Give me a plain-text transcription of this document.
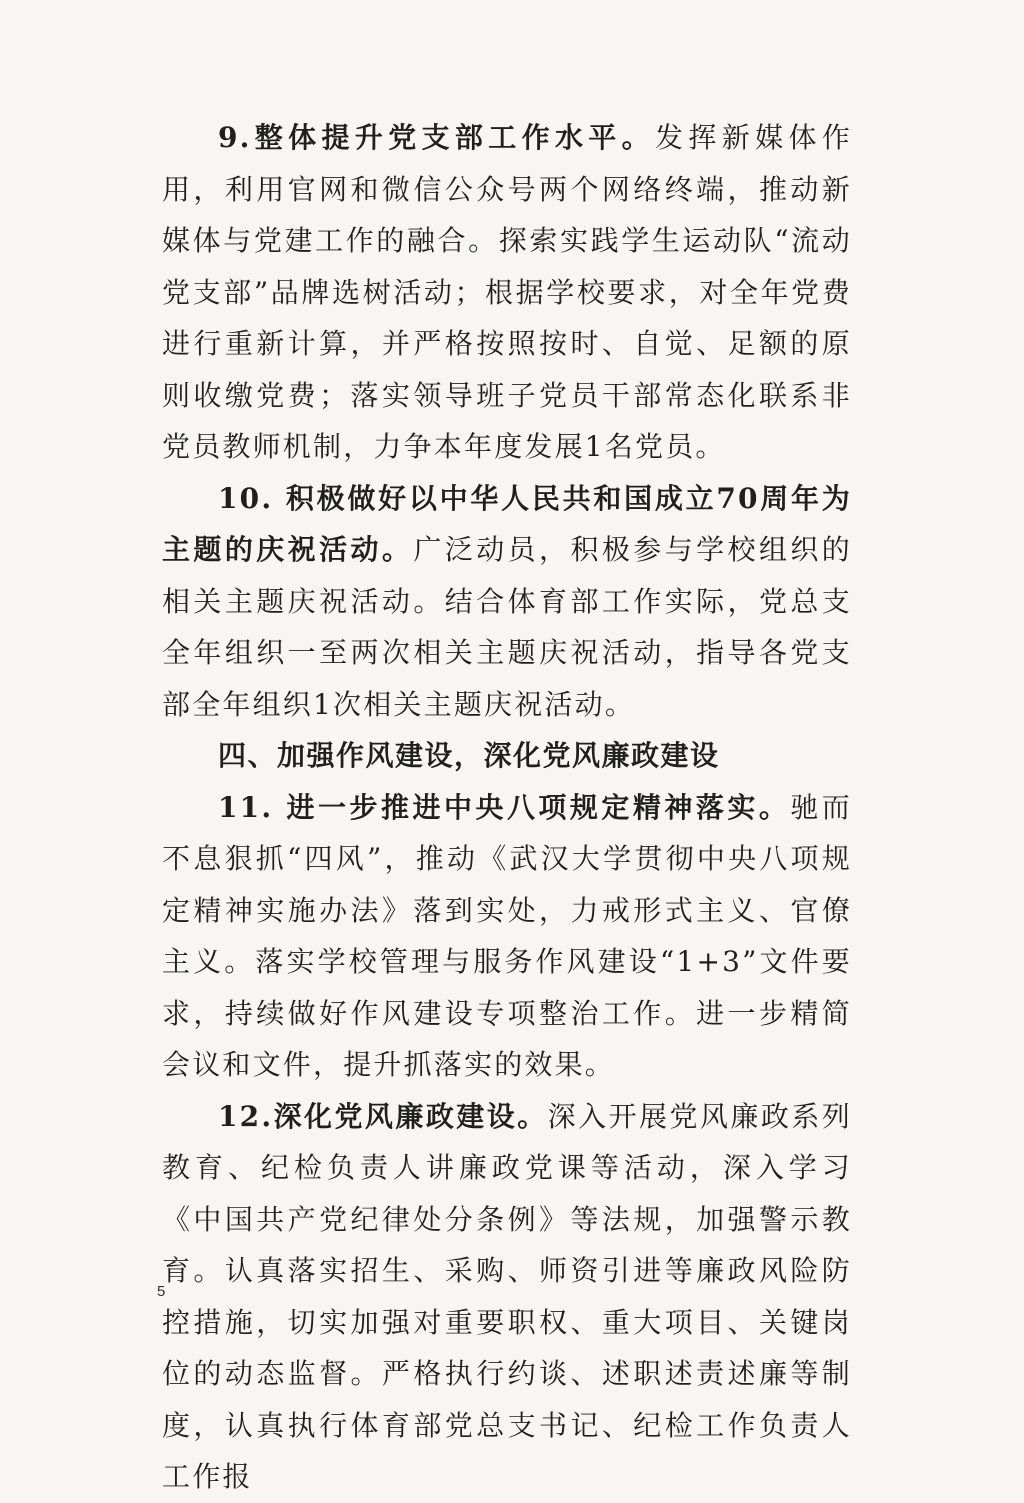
9.整体提升党支部工作水平。发挥新媒体作用，利用官网和微信公众号两个网络终端，推动新媒体与党建工作的融合。探索实践学生运动队“流动党支部”品牌选树活动；根据学校要求，对全年党费进行重新计算，并严格按照按时、自觉、足额的原则收缴党费；落实领导班子党员干部常态化联系非党员教师机制，力争本年度发展1名党员。

10. 积极做好以中华人民共和国成立70周年为主题的庆祝活动。广泛动员，积极参与学校组织的相关主题庆祝活动。结合体育部工作实际，党总支全年组织一至两次相关主题庆祝活动，指导各党支部全年组织1次相关主题庆祝活动。

四、加强作风建设，深化党风廉政建设

11. 进一步推进中央八项规定精神落实。驰而不息狠抓“四风”，推动《武汉大学贯彻中央八项规定精神实施办法》落到实处，力戒形式主义、官僚主义。落实学校管理与服务作风建设“1+3”文件要求，持续做好作风建设专项整治工作。进一步精简会议和文件，提升抓落实的效果。

12.深化党风廉政建设。深入开展党风廉政系列教育、纪检负责人讲廉政党课等活动，深入学习《中国共产党纪律处分条例》等法规，加强警示教育。认真落实招生、采购、师资引进等廉政风险防控措施，切实加强对重要职权、重大项目、关键岗位的动态监督。严格执行约谈、述职述责述廉等制度，认真执行体育部党总支书记、纪检工作负责人工作报

5
